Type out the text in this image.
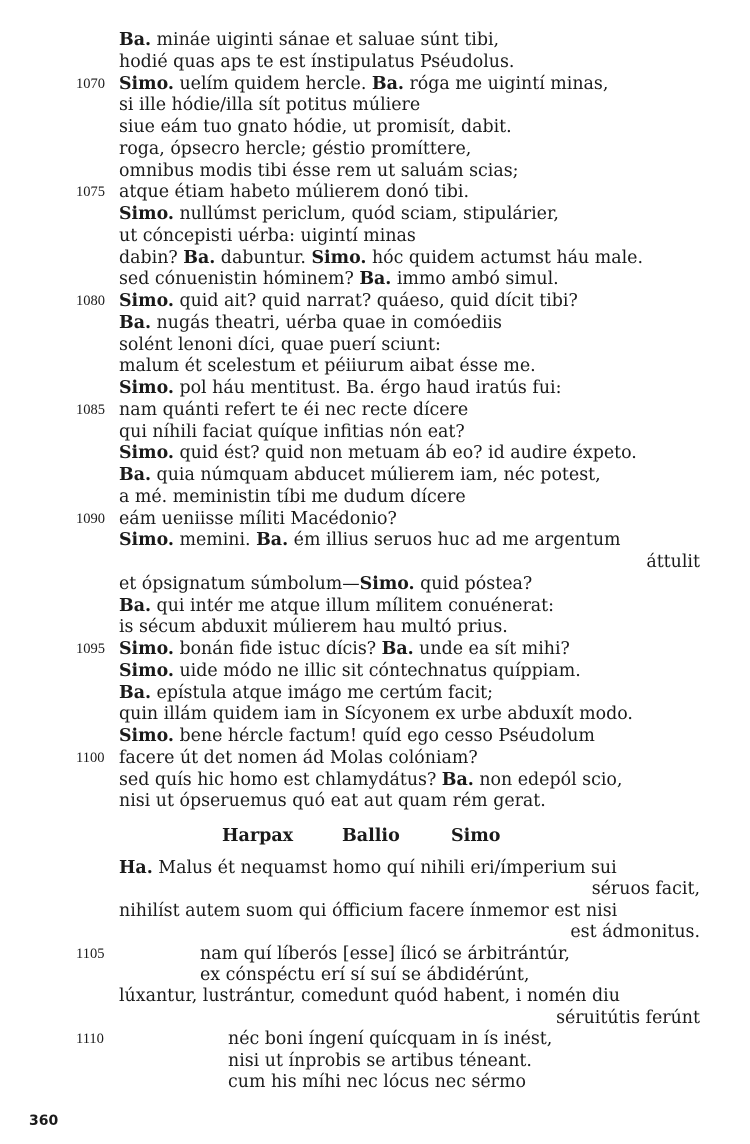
Ba. mináe uiginti sánae et saluae súnt tibi,
hodié quas aps te est ínstipulatus Pséudolus.
1070 Simo. uelím quidem hercle. Ba. róga me uigintí minas,
si ille hódie/illa sít potitus múliere
siue eám tuo gnato hódie, ut promisít, dabit.
roga, ópsecro hercle; géstio promíttere,
omnibus modis tibi ésse rem ut saluám scias;
1075 atque étiam habeto múlierem donó tibi.
Simo. nullúmst periclum, quód sciam, stipulárier,
ut cóncepisti uérba: uigintí minas
dabin? Ba. dabuntur. Simo. hóc quidem actumst háu male.
sed cónuenistin hóminem? Ba. immo ambó simul.
1080 Simo. quid ait? quid narrat? quáeso, quid dícit tibi?
Ba. nugás theatri, uérba quae in comóediis
solént lenoni díci, quae puerí sciunt:
malum ét scelestum et péiiurum aibat ésse me.
Simo. pol háu mentitust. Ba. érgo haud iratús fui:
1085 nam quánti refert te éi nec recte dícere
qui níhili faciat quíque infitias nón eat?
Simo. quid ést? quid non metuam áb eo? id audire éxpeto.
Ba. quia númquam abducet múlierem iam, néc potest,
a mé. meministin tíbi me dudum dícere
1090 eám ueniisse míliti Macédonio?
Simo. memini. Ba. ém illius seruos huc ad me argentum
áttulit
et ópsignatum súmbolum—Simo. quid póstea?
Ba. qui intér me atque illum mílitem conuénerat:
is sécum abduxit múlierem hau multó prius.
1095 Simo. bonán fide istuc dícis? Ba. unde ea sít mihi?
Simo. uide módo ne illic sit cóntechnatus quíppiam.
Ba. epístula atque imágo me certúm facit;
quin illám quidem iam in Sícyonem ex urbe abduxít modo.
Simo. bene hércle factum! quíd ego cesso Pséudolum
1100 facere út det nomen ád Molas colóniam?
sed quís hic homo est chlamydátus? Ba. non edepól scio,
nisi ut ópseruemus quó eat aut quam rém gerat.
Harpax	Ballio	Simo
Ha. Malus ét nequamst homo quí nihili eri/ímperium sui
séruos facit,
nihilíst autem suom qui ófficium facere ínmemor est nisi
est ádmonitus.
1105	nam quí líberós [esse] ílicó se árbitrántúr,
ex cónspéctu erí sí suí se ábdidérúnt,
lúxantur, lustrántur, comedunt quód habent, i nomén diu
séruitútis ferúnt
1110	néc boni íngení quícquam in ís inést,
nisi ut ínprobis se artibus téneant.
cum his míhi nec lócus nec sérmo
360
